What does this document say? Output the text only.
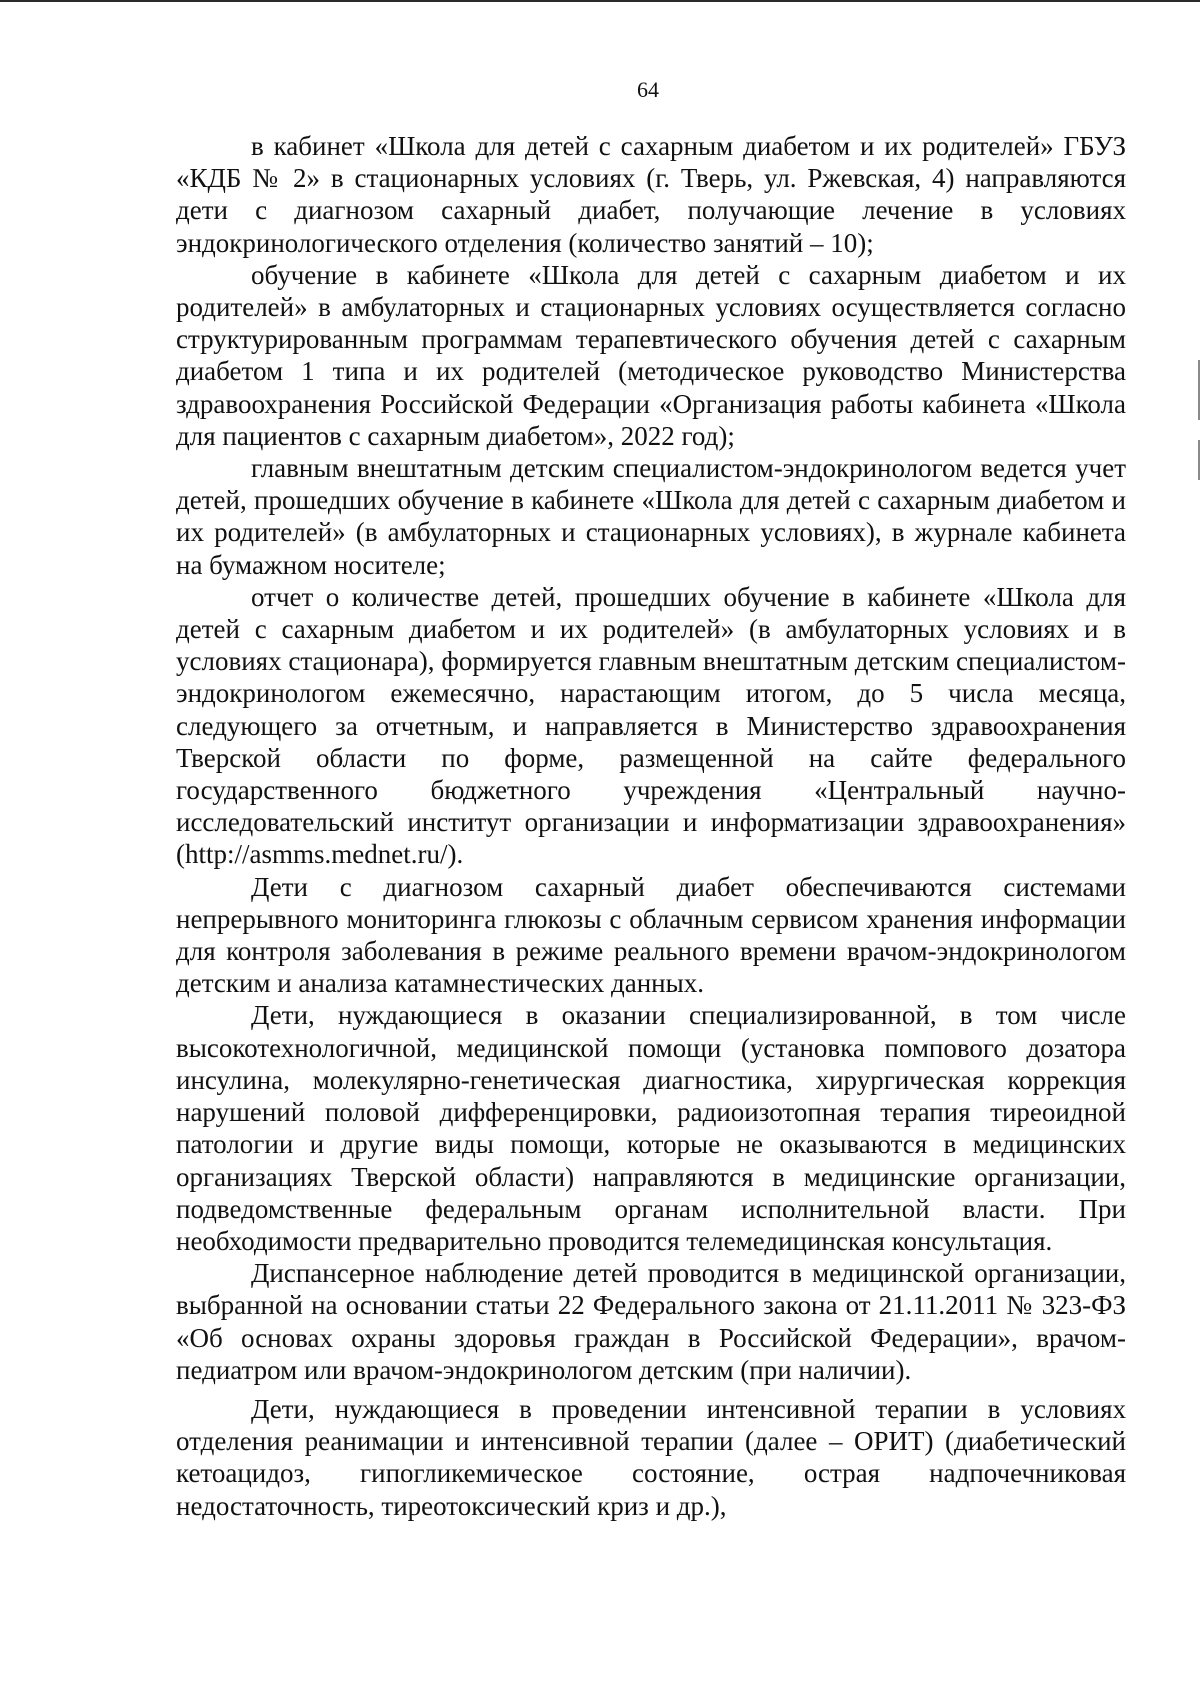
64

в кабинет «Школа для детей с сахарным диабетом и их родителей» ГБУЗ «КДБ № 2» в стационарных условиях (г. Тверь, ул. Ржевская, 4) направляются дети с диагнозом сахарный диабет, получающие лечение в условиях эндокринологического отделения (количество занятий – 10);

обучение в кабинете «Школа для детей с сахарным диабетом и их родителей» в амбулаторных и стационарных условиях осуществляется согласно структурированным программам терапевтического обучения детей с сахарным диабетом 1 типа и их родителей (методическое руководство Министерства здравоохранения Российской Федерации «Организация работы кабинета «Школа для пациентов с сахарным диабетом», 2022 год);

главным внештатным детским специалистом-эндокринологом ведется учет детей, прошедших обучение в кабинете «Школа для детей с сахарным диабетом и их родителей» (в амбулаторных и стационарных условиях), в журнале кабинета на бумажном носителе;

отчет о количестве детей, прошедших обучение в кабинете «Школа для детей с сахарным диабетом и их родителей» (в амбулаторных условиях и в условиях стационара), формируется главным внештатным детским специалистом-эндокринологом ежемесячно, нарастающим итогом, до 5 числа месяца, следующего за отчетным, и направляется в Министерство здравоохранения Тверской области по форме, размещенной на сайте федерального государственного бюджетного учреждения «Центральный научно-исследовательский институт организации и информатизации здравоохранения» (http://asmms.mednet.ru/).

Дети с диагнозом сахарный диабет обеспечиваются системами непрерывного мониторинга глюкозы с облачным сервисом хранения информации для контроля заболевания в режиме реального времени врачом-эндокринологом детским и анализа катамнестических данных.

Дети, нуждающиеся в оказании специализированной, в том числе высокотехнологичной, медицинской помощи (установка помпового дозатора инсулина, молекулярно-генетическая диагностика, хирургическая коррекция нарушений половой дифференцировки, радиоизотопная терапия тиреоидной патологии и другие виды помощи, которые не оказываются в медицинских организациях Тверской области) направляются в медицинские организации, подведомственные федеральным органам исполнительной власти. При необходимости предварительно проводится телемедицинская консультация.

Диспансерное наблюдение детей проводится в медицинской организации, выбранной на основании статьи 22 Федерального закона от 21.11.2011 № 323-ФЗ «Об основах охраны здоровья граждан в Российской Федерации», врачом-педиатром или врачом-эндокринологом детским (при наличии).

Дети, нуждающиеся в проведении интенсивной терапии в условиях отделения реанимации и интенсивной терапии (далее – ОРИТ) (диабетический кетоацидоз, гипогликемическое состояние, острая надпочечниковая недостаточность, тиреотоксический криз и др.),
